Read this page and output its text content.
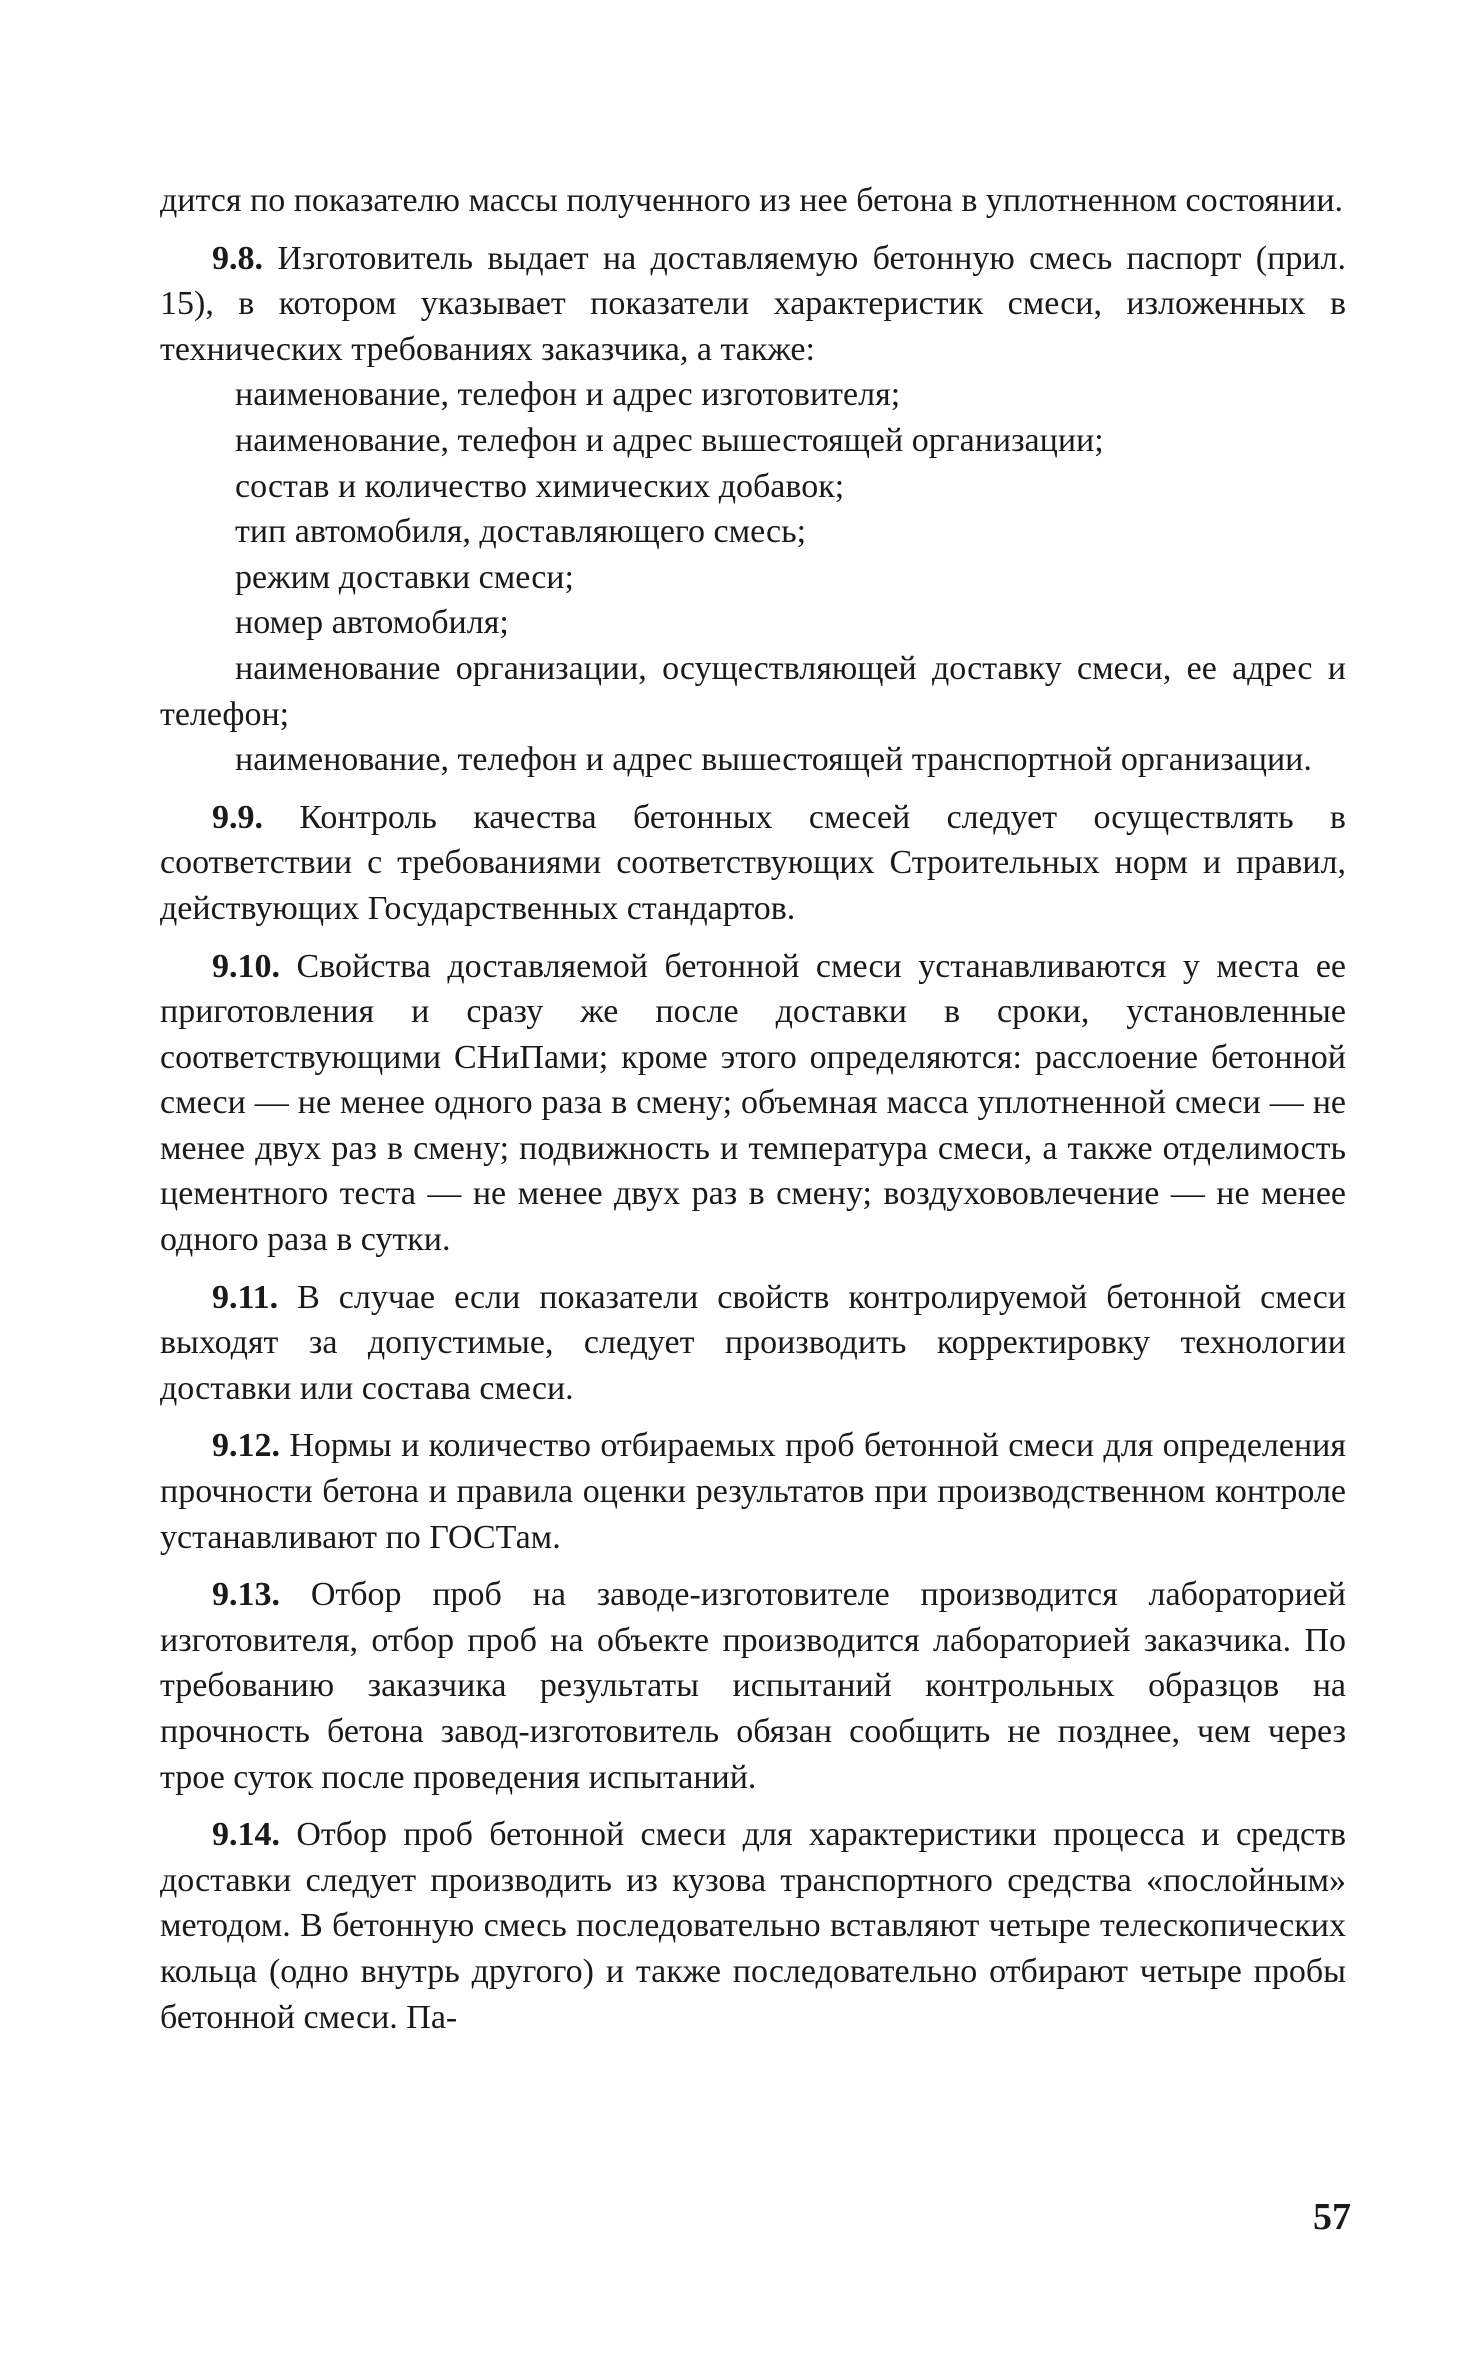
дится по показателю массы полученного из нее бетона в уплотненном состоянии.

9.8. Изготовитель выдает на доставляемую бетонную смесь паспорт (прил. 15), в котором указывает показатели характеристик смеси, изложенных в технических требованиях заказчика, а также:

наименование, телефон и адрес изготовителя;

наименование, телефон и адрес вышестоящей организации;

состав и количество химических добавок;

тип автомобиля, доставляющего смесь;

режим доставки смеси;

номер автомобиля;

наименование организации, осуществляющей доставку смеси, ее адрес и телефон;

наименование, телефон и адрес вышестоящей транспортной организации.

9.9. Контроль качества бетонных смесей следует осуществлять в соответствии с требованиями соответствующих Строительных норм и правил, действующих Государственных стандартов.

9.10. Свойства доставляемой бетонной смеси устанавливаются у места ее приготовления и сразу же после доставки в сроки, установленные соответствующими СНиПами; кроме этого определяются: расслоение бетонной смеси — не менее одного раза в смену; объемная масса уплотненной смеси — не менее двух раз в смену; подвижность и температура смеси, а также отделимость цементного теста — не менее двух раз в смену; воздухововлечение — не менее одного раза в сутки.

9.11. В случае если показатели свойств контролируемой бетонной смеси выходят за допустимые, следует производить корректировку технологии доставки или состава смеси.

9.12. Нормы и количество отбираемых проб бетонной смеси для определения прочности бетона и правила оценки результатов при производственном контроле устанавливают по ГОСТам.

9.13. Отбор проб на заводе-изготовителе производится лабораторией изготовителя, отбор проб на объекте производится лабораторией заказчика. По требованию заказчика результаты испытаний контрольных образцов на прочность бетона завод-изготовитель обязан сообщить не позднее, чем через трое суток после проведения испытаний.

9.14. Отбор проб бетонной смеси для характеристики процесса и средств доставки следует производить из кузова транспортного средства «послойным» методом. В бетонную смесь последовательно вставляют четыре телескопических кольца (одно внутрь другого) и также последовательно отбирают четыре пробы бетонной смеси. Па-

57
